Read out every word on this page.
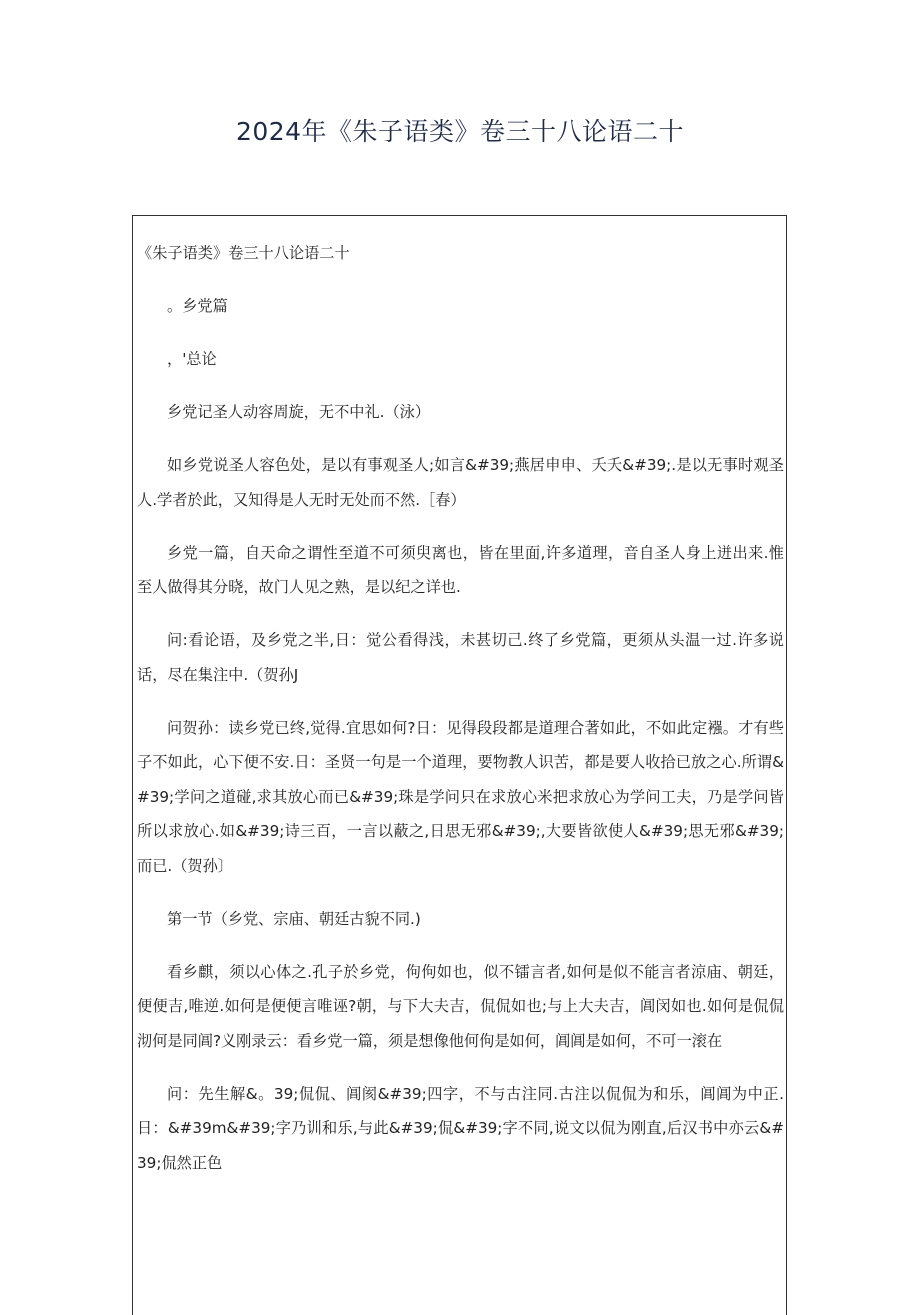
2024年《朱子语类》卷三十八论语二十

《朱子语类》卷三十八论语二十

。乡党篇

，'总论

乡党记圣人动容周旋，无不中礼.（泳）

如乡党说圣人容色处，是以有事观圣人;如言&#39;燕居申申、夭夭&#39;.是以无事时观圣人.学者於此，又知得是人无时无处而不然.［春）

乡党一篇，自天命之谓性至道不可须臾离也，皆在里面,许多道理，音自圣人身上迸出来.惟至人做得其分晓，故门人见之熟，是以纪之详也.

问:看论语，及乡党之半,日：觉公看得浅，未甚切己.终了乡党篇，更须从头温一过.许多说话，尽在集注中.（贺孙J

问贺孙：读乡党已终,觉得.宜思如何?日：见得段段都是道理合著如此，不如此定襁。才有些子不如此，心下便不安.日：圣贤一句是一个道理，要物教人识苦，都是要人收拾已放之心.所谓&#39;学问之道碰,求其放心而已&#39;珠是学问只在求放心米把求放心为学问工夫，乃是学问皆所以求放心.如&#39;诗三百，一言以蔽之,日思无邪&#39;,大要皆欲使人&#39;思无邪&#39;而已.（贺孙〕

第一节（乡党、宗庙、朝廷古貌不同.)

看乡麒，须以心体之.孔子於乡党，佝佝如也，似不镭言者,如何是似不能言者涼庙、朝廷，便便吉,唯逆.如何是便便言唯诬?朝，与下大夫吉，侃侃如也;与上大夫吉，阊闵如也.如何是侃侃沏何是同阊?义刚录云：看乡党一篇，须是想像他何佝是如何，阊阊是如何，不可一滚在

问：先生解&。39;侃侃、阊阂&#39;四字，不与古注同.古注以侃侃为和乐，阊阊为中正.日：&#39m&#39;字乃训和乐,与此&#39;侃&#39;字不同,说文以侃为刚直,后汉书中亦云&#39;侃然正色
